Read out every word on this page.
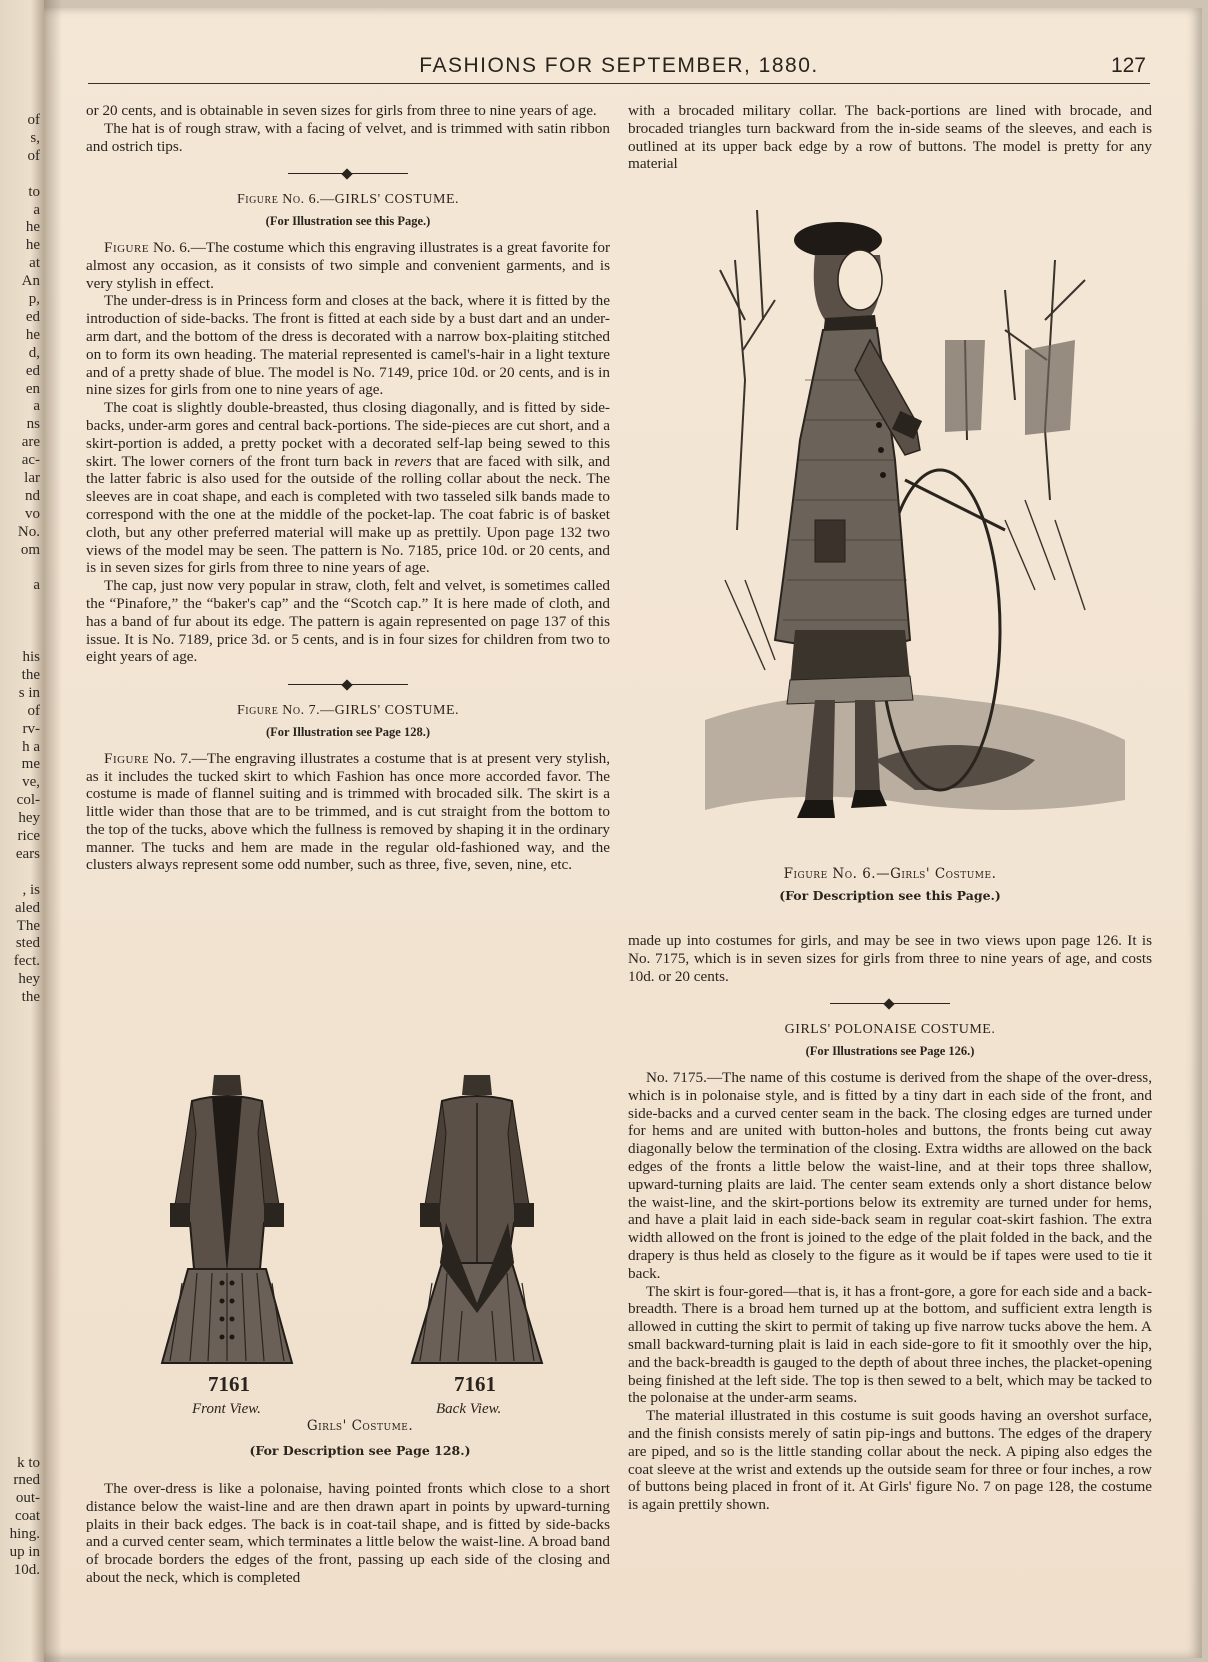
of
s,
of
to
a
he
he
at
An
p,
ed
he
d,
ed
en
a
ns
are
ac-
lar
nd
vo
No.
om
a
his
the
s in
of
rv-
h a
me
ve,
col-
hey
rice
ears
, is
aled
The
sted
fect.
hey
the
k to
rned
out-
coat
hing.
up in
10d.
FASHIONS FOR SEPTEMBER, 1880.	127

or 20 cents, and is obtainable in seven sizes for girls from three to nine years of age.

The hat is of rough straw, with a facing of velvet, and is trimmed with satin ribbon and ostrich tips.

Figure No. 6.—GIRLS' COSTUME.
(For Illustration see this Page.)

Figure No. 6.—The costume which this engraving illustrates is a great favorite for almost any occasion, as it consists of two simple and convenient garments, and is very stylish in effect.

The under-dress is in Princess form and closes at the back, where it is fitted by the introduction of side-backs. The front is fitted at each side by a bust dart and an under-arm dart, and the bottom of the dress is decorated with a narrow box-plaiting stitched on to form its own heading. The material represented is camel's-hair in a light texture and of a pretty shade of blue. The model is No. 7149, price 10d. or 20 cents, and is in nine sizes for girls from one to nine years of age.

The coat is slightly double-breasted, thus closing diagonally, and is fitted by side-backs, under-arm gores and central back-portions. The side-pieces are cut short, and a skirt-portion is added, a pretty pocket with a decorated self-lap being sewed to this skirt. The lower corners of the front turn back in revers that are faced with silk, and the latter fabric is also used for the outside of the rolling collar about the neck. The sleeves are in coat shape, and each is completed with two tasseled silk bands made to correspond with the one at the middle of the pocket-lap. The coat fabric is of basket cloth, but any other preferred material will make up as prettily. Upon page 132 two views of the model may be seen. The pattern is No. 7185, price 10d. or 20 cents, and is in seven sizes for girls from three to nine years of age.

The cap, just now very popular in straw, cloth, felt and velvet, is sometimes called the “Pinafore,” the “baker's cap” and the “Scotch cap.” It is here made of cloth, and has a band of fur about its edge. The pattern is again represented on page 137 of this issue. It is No. 7189, price 3d. or 5 cents, and is in four sizes for children from two to eight years of age.

Figure No. 7.—GIRLS' COSTUME.
(For Illustration see Page 128.)

Figure No. 7.—The engraving illustrates a costume that is at present very stylish, as it includes the tucked skirt to which Fashion has once more accorded favor. The costume is made of flannel suiting and is trimmed with brocaded silk. The skirt is a little wider than those that are to be trimmed, and is cut straight from the bottom to the top of the tucks, above which the fullness is removed by shaping it in the ordinary manner. The tucks and hem are made in the regular old-fashioned way, and the clusters always represent some odd number, such as three, five, seven, nine, etc.

7161	7161
Front View.	Back View.
Girls' Costume.
(For Description see Page 128.)

The over-dress is like a polonaise, having pointed fronts which close to a short distance below the waist-line and are then drawn apart in points by upward-turning plaits in their back edges. The back is in coat-tail shape, and is fitted by side-backs and a curved center seam, which terminates a little below the waist-line. A broad band of brocade borders the edges of the front, passing up each side of the closing and about the neck, which is completed

with a brocaded military collar. The back-portions are lined with brocade, and brocaded triangles turn backward from the in-side seams of the sleeves, and each is outlined at its upper back edge by a row of buttons. The model is pretty for any material

Figure No. 6.—Girls' Costume.
(For Description see this Page.)

made up into costumes for girls, and may be see in two views upon page 126. It is No. 7175, which is in seven sizes for girls from three to nine years of age, and costs 10d. or 20 cents.

GIRLS' POLONAISE COSTUME.
(For Illustrations see Page 126.)

No. 7175.—The name of this costume is derived from the shape of the over-dress, which is in polonaise style, and is fitted by a tiny dart in each side of the front, and side-backs and a curved center seam in the back. The closing edges are turned under for hems and are united with button-holes and buttons, the fronts being cut away diagonally below the termination of the closing. Extra widths are allowed on the back edges of the fronts a little below the waist-line, and at their tops three shallow, upward-turning plaits are laid. The center seam extends only a short distance below the waist-line, and the skirt-portions below its extremity are turned under for hems, and have a plait laid in each side-back seam in regular coat-skirt fashion. The extra width allowed on the front is joined to the edge of the plait folded in the back, and the drapery is thus held as closely to the figure as it would be if tapes were used to tie it back.

The skirt is four-gored—that is, it has a front-gore, a gore for each side and a back-breadth. There is a broad hem turned up at the bottom, and sufficient extra length is allowed in cutting the skirt to permit of taking up five narrow tucks above the hem. A small backward-turning plait is laid in each side-gore to fit it smoothly over the hip, and the back-breadth is gauged to the depth of about three inches, the placket-opening being finished at the left side. The top is then sewed to a belt, which may be tacked to the polonaise at the under-arm seams.

The material illustrated in this costume is suit goods having an overshot surface, and the finish consists merely of satin pip-ings and buttons. The edges of the drapery are piped, and so is the little standing collar about the neck. A piping also edges the coat sleeve at the wrist and extends up the outside seam for three or four inches, a row of buttons being placed in front of it. At Girls' figure No. 7 on page 128, the costume is again prettily shown.
